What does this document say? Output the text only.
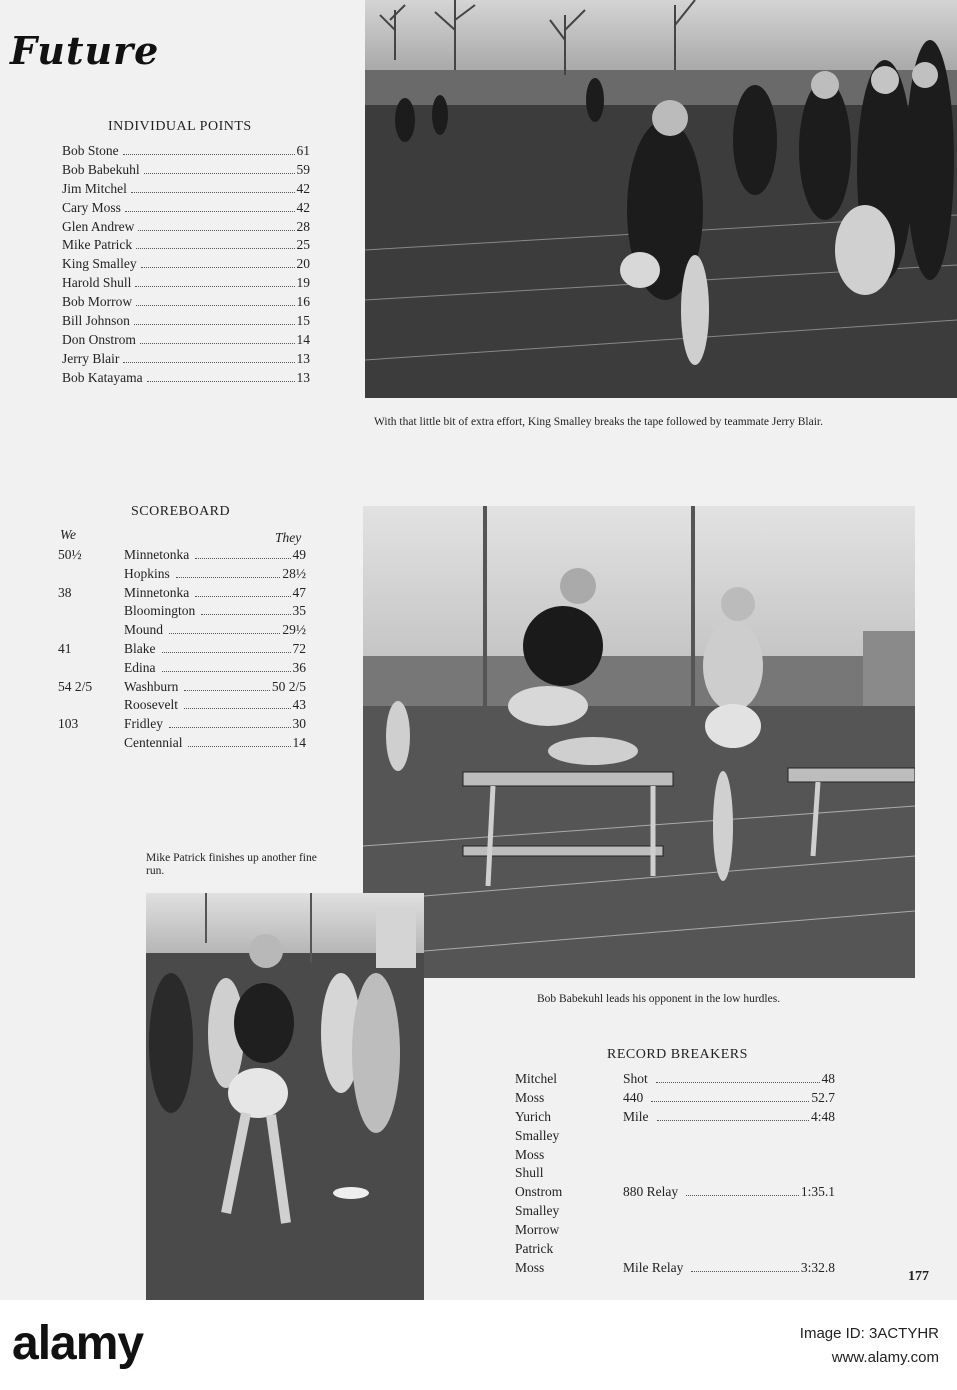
Future
INDIVIDUAL POINTS
Bob Stone	61
Bob Babekuhl	59
Jim Mitchel	42
Cary Moss	42
Glen Andrew	28
Mike Patrick	25
King Smalley	20
Harold Shull	19
Bob Morrow	16
Bill Johnson	15
Don Onstrom	14
Jerry Blair	13
Bob Katayama	13
With that little bit of extra effort, King Smalley breaks the tape followed by teammate Jerry Blair.
SCOREBOARD
We	They
50½	Minnetonka	49
Hopkins	28½
38	Minnetonka	47
Bloomington	35
Mound	29½
41	Blake	72
Edina	36
54 2/5	Washburn	50 2/5
Roosevelt	43
103	Fridley	30
Centennial	14
Bob Babekuhl leads his opponent in the low hurdles.
Mike Patrick finishes up another fine run.
RECORD BREAKERS
Mitchel	Shot	48
Moss	440	52.7
Yurich	Mile	4:48
Smalley
Moss
Shull
Onstrom	880 Relay	1:35.1
Smalley
Morrow
Patrick
Moss	Mile Relay	3:32.8
177
alamy	Image ID: 3ACTYHR
www.alamy.com
